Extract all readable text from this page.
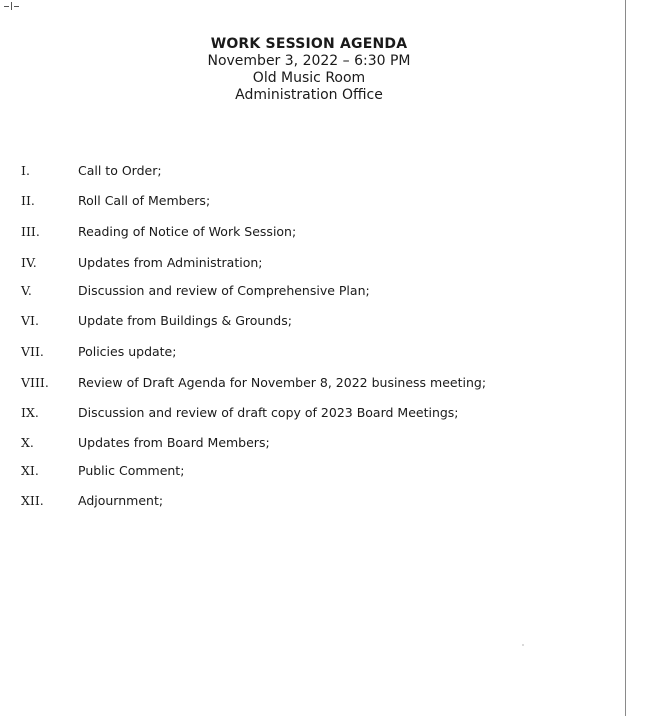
WORK SESSION AGENDA
November 3, 2022 – 6:30 PM
Old Music Room
Administration Office
I.	Call to Order;
II.	Roll Call of Members;
III.	Reading of Notice of Work Session;
IV.	Updates from Administration;
V.	Discussion and review of Comprehensive Plan;
VI.	Update from Buildings & Grounds;
VII.	Policies update;
VIII. Review of Draft Agenda for November 8, 2022 business meeting;
IX.	Discussion and review of draft copy of 2023 Board Meetings;
X.	Updates from Board Members;
XI.	Public Comment;
XII.	Adjournment;
